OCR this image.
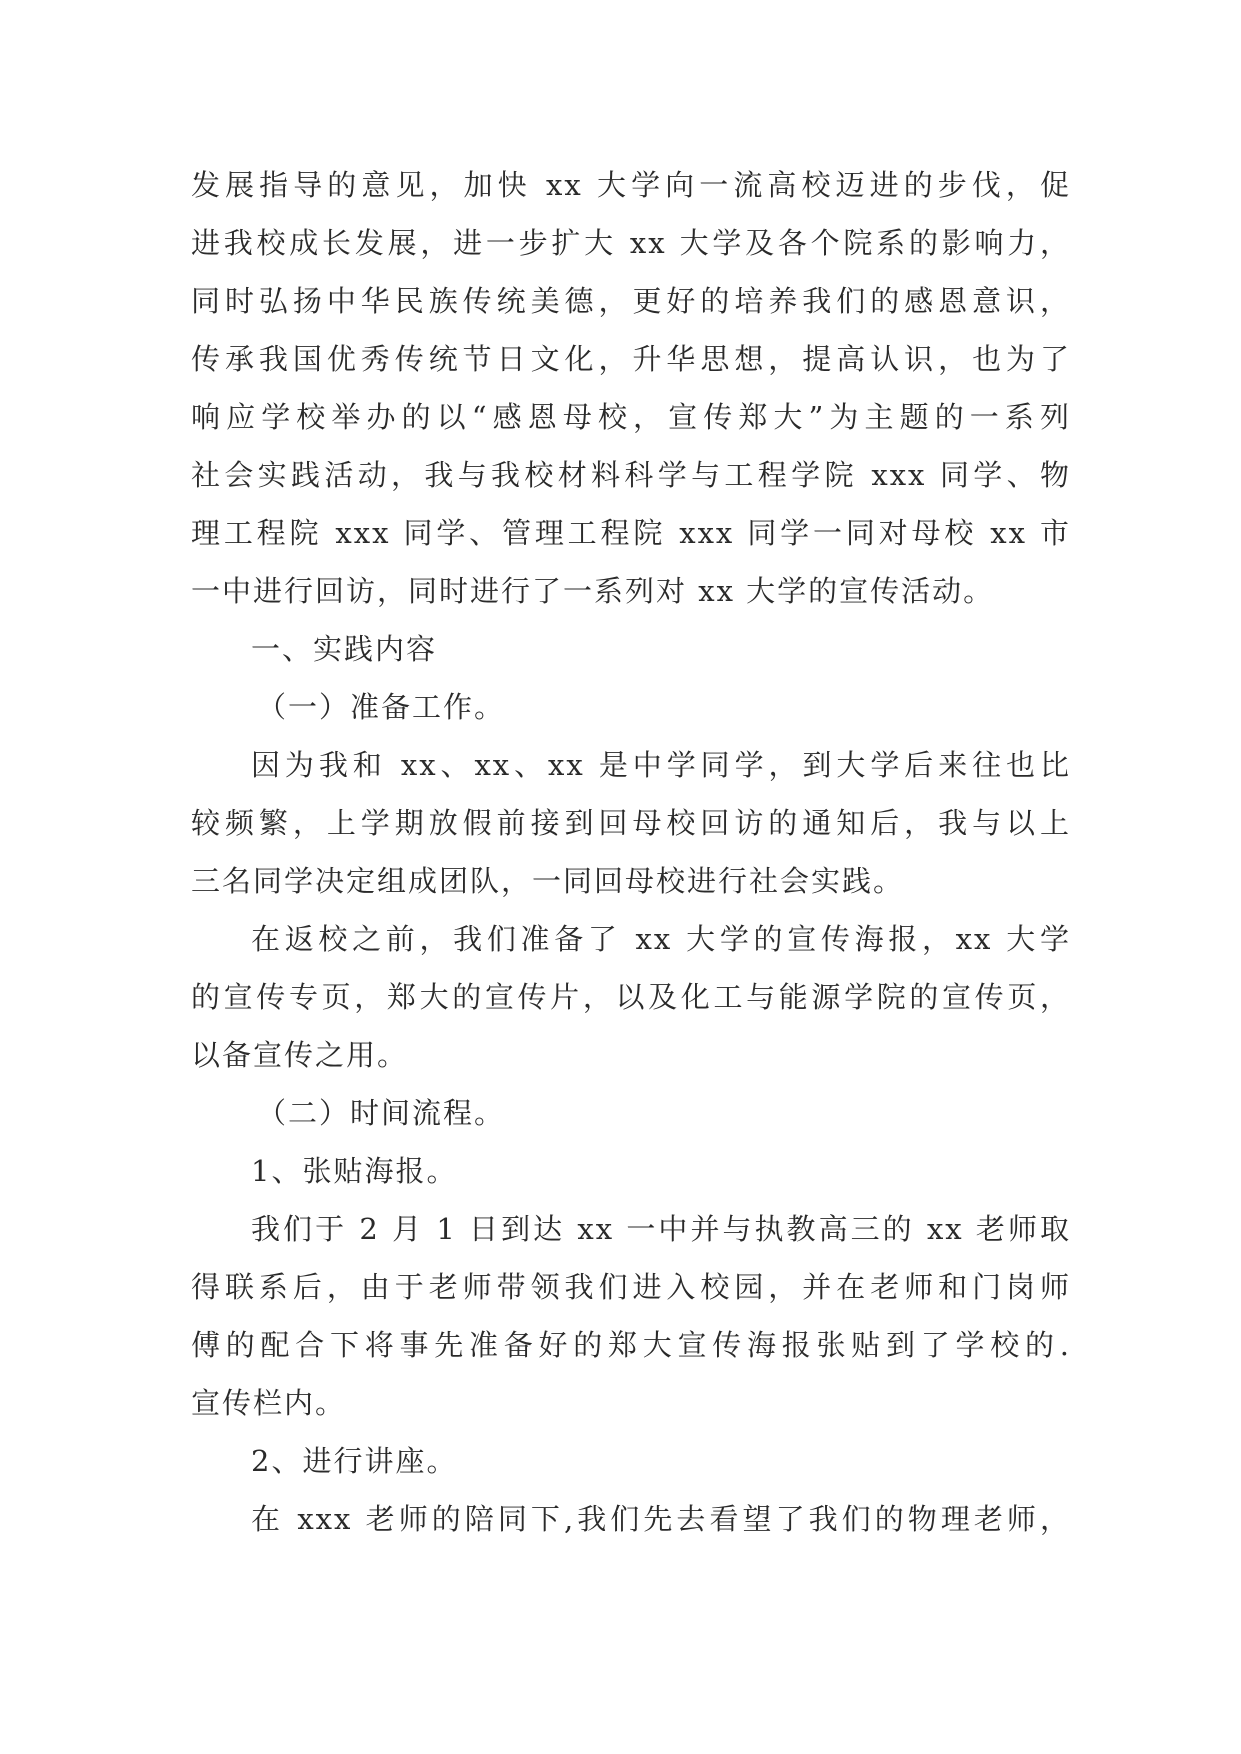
发展指导的意见，加快 xx 大学向一流高校迈进的步伐，促
进我校成长发展，进一步扩大 xx 大学及各个院系的影响力，
同时弘扬中华民族传统美德，更好的培养我们的感恩意识，
传承我国优秀传统节日文化，升华思想，提高认识，也为了
响应学校举办的以“感恩母校，宣传郑大”为主题的一系列
社会实践活动，我与我校材料科学与工程学院 xxx 同学、物
理工程院 xxx 同学、管理工程院 xxx 同学一同对母校 xx 市
一中进行回访，同时进行了一系列对 xx 大学的宣传活动。
一、实践内容
（一）准备工作。
因为我和 xx、xx、xx 是中学同学，到大学后来往也比
较频繁，上学期放假前接到回母校回访的通知后，我与以上
三名同学决定组成团队，一同回母校进行社会实践。
在返校之前，我们准备了 xx 大学的宣传海报，xx 大学
的宣传专页，郑大的宣传片，以及化工与能源学院的宣传页，
以备宣传之用。
（二）时间流程。
1、张贴海报。
我们于 2 月 1 日到达 xx 一中并与执教高三的 xx 老师取
得联系后，由于老师带领我们进入校园，并在老师和门岗师
傅的配合下将事先准备好的郑大宣传海报张贴到了学校的.
宣传栏内。
2、进行讲座。
在 xxx 老师的陪同下,我们先去看望了我们的物理老师，
